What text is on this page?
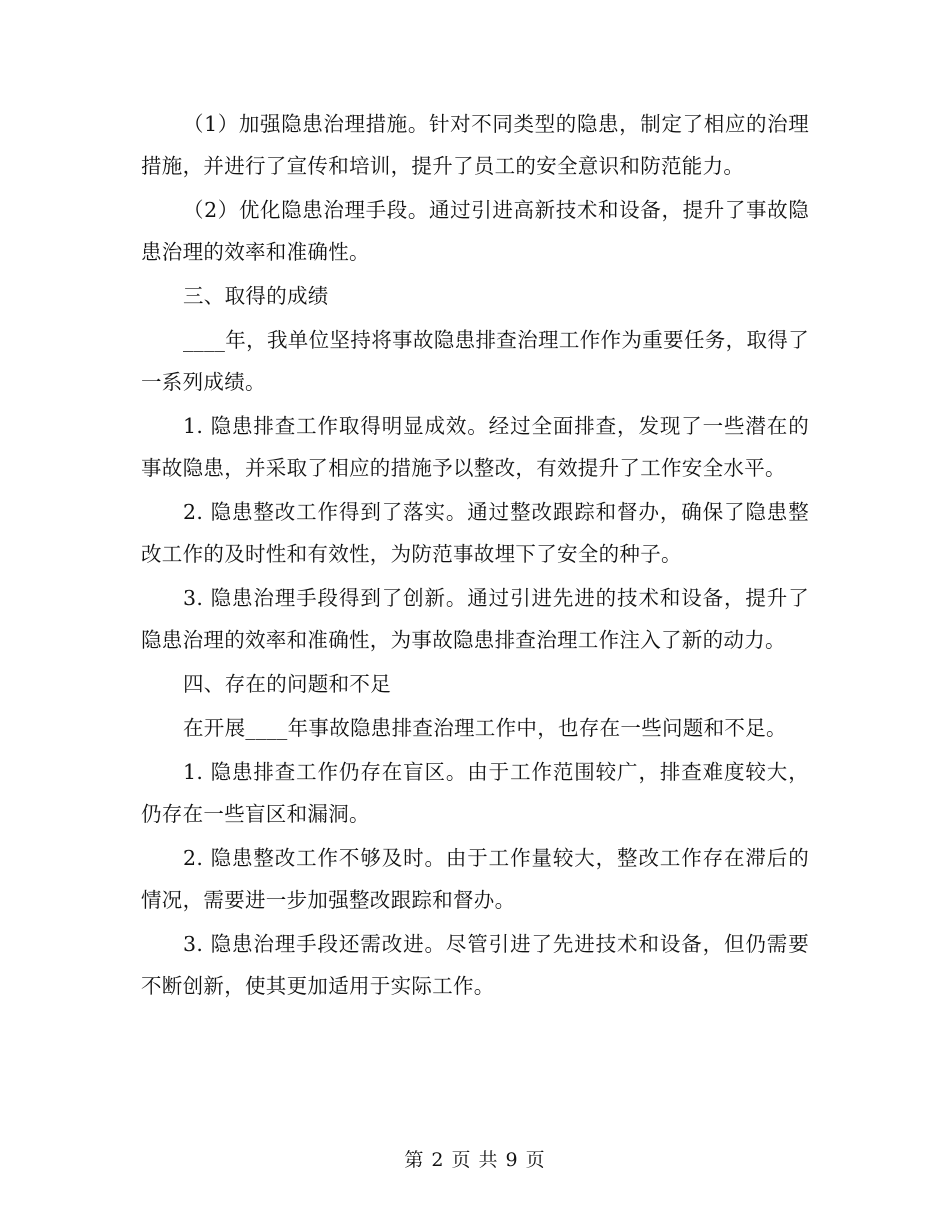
（1）加强隐患治理措施。针对不同类型的隐患，制定了相应的治理措施，并进行了宣传和培训，提升了员工的安全意识和防范能力。

（2）优化隐患治理手段。通过引进高新技术和设备，提升了事故隐患治理的效率和准确性。

三、取得的成绩

____年，我单位坚持将事故隐患排查治理工作作为重要任务，取得了一系列成绩。

1. 隐患排查工作取得明显成效。经过全面排查，发现了一些潜在的事故隐患，并采取了相应的措施予以整改，有效提升了工作安全水平。

2. 隐患整改工作得到了落实。通过整改跟踪和督办，确保了隐患整改工作的及时性和有效性，为防范事故埋下了安全的种子。

3. 隐患治理手段得到了创新。通过引进先进的技术和设备，提升了隐患治理的效率和准确性，为事故隐患排查治理工作注入了新的动力。

四、存在的问题和不足

在开展____年事故隐患排查治理工作中，也存在一些问题和不足。

1. 隐患排查工作仍存在盲区。由于工作范围较广，排查难度较大，仍存在一些盲区和漏洞。

2. 隐患整改工作不够及时。由于工作量较大，整改工作存在滞后的情况，需要进一步加强整改跟踪和督办。

3. 隐患治理手段还需改进。尽管引进了先进技术和设备，但仍需要不断创新，使其更加适用于实际工作。

第 2 页 共 9 页
